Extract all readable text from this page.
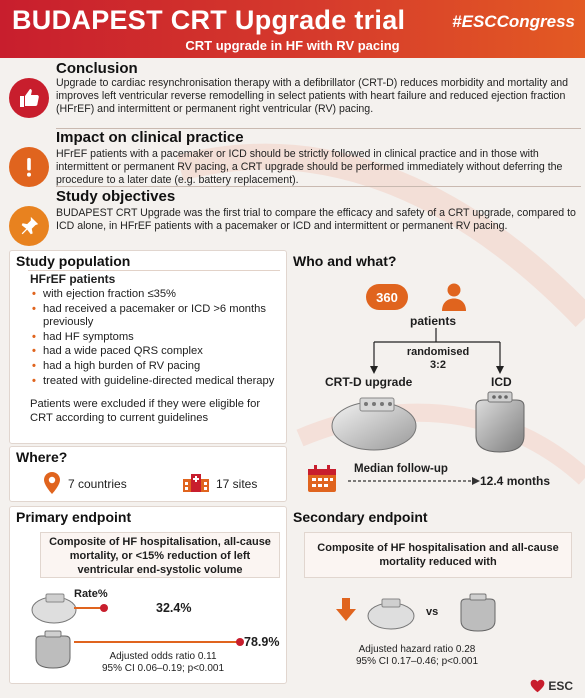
BUDAPEST CRT Upgrade trial	#ESCCongress
CRT upgrade in HF with RV pacing
Conclusion
Upgrade to cardiac resynchronisation therapy with a defibrillator (CRT-D) reduces morbidity and mortality and improves left ventricular reverse remodelling in select patients with heart failure and reduced ejection fraction (HFrEF) and intermittent or permanent right ventricular (RV) pacing.
Impact on clinical practice
HFrEF patients with a pacemaker or ICD should be strictly followed in clinical practice and in those with intermittent or permanent RV pacing, a CRT upgrade should be performed immediately without deferring the procedure to a later date (e.g. battery replacement).
Study objectives
BUDAPEST CRT Upgrade was the first trial to compare the efficacy and safety of a CRT upgrade, compared to ICD alone, in HFrEF patients with a pacemaker or ICD and intermittent or permanent RV pacing.
Study population
HFrEF patients
• with ejection fraction ≤35%
• had received a pacemaker or ICD >6 months previously
• had HF symptoms
• had a wide paced QRS complex
• had a high burden of RV pacing
• treated with guideline-directed medical therapy
Patients were excluded if they were eligible for CRT according to current guidelines
Where?
7 countries	17 sites
Who and what?
360
patients
randomised
3:2
CRT-D upgrade	ICD
Median follow-up
12.4 months
Primary endpoint
Composite of HF hospitalisation, all-cause mortality, or <15% reduction of left ventricular end-systolic volume
Rate%
32.4%
78.9%
Adjusted odds ratio 0.11
95% CI 0.06–0.19; p<0.001
Secondary endpoint
Composite of HF hospitalisation and all-cause mortality reduced with
vs
Adjusted hazard ratio 0.28
95% CI 0.17–0.46; p<0.001
ESC
